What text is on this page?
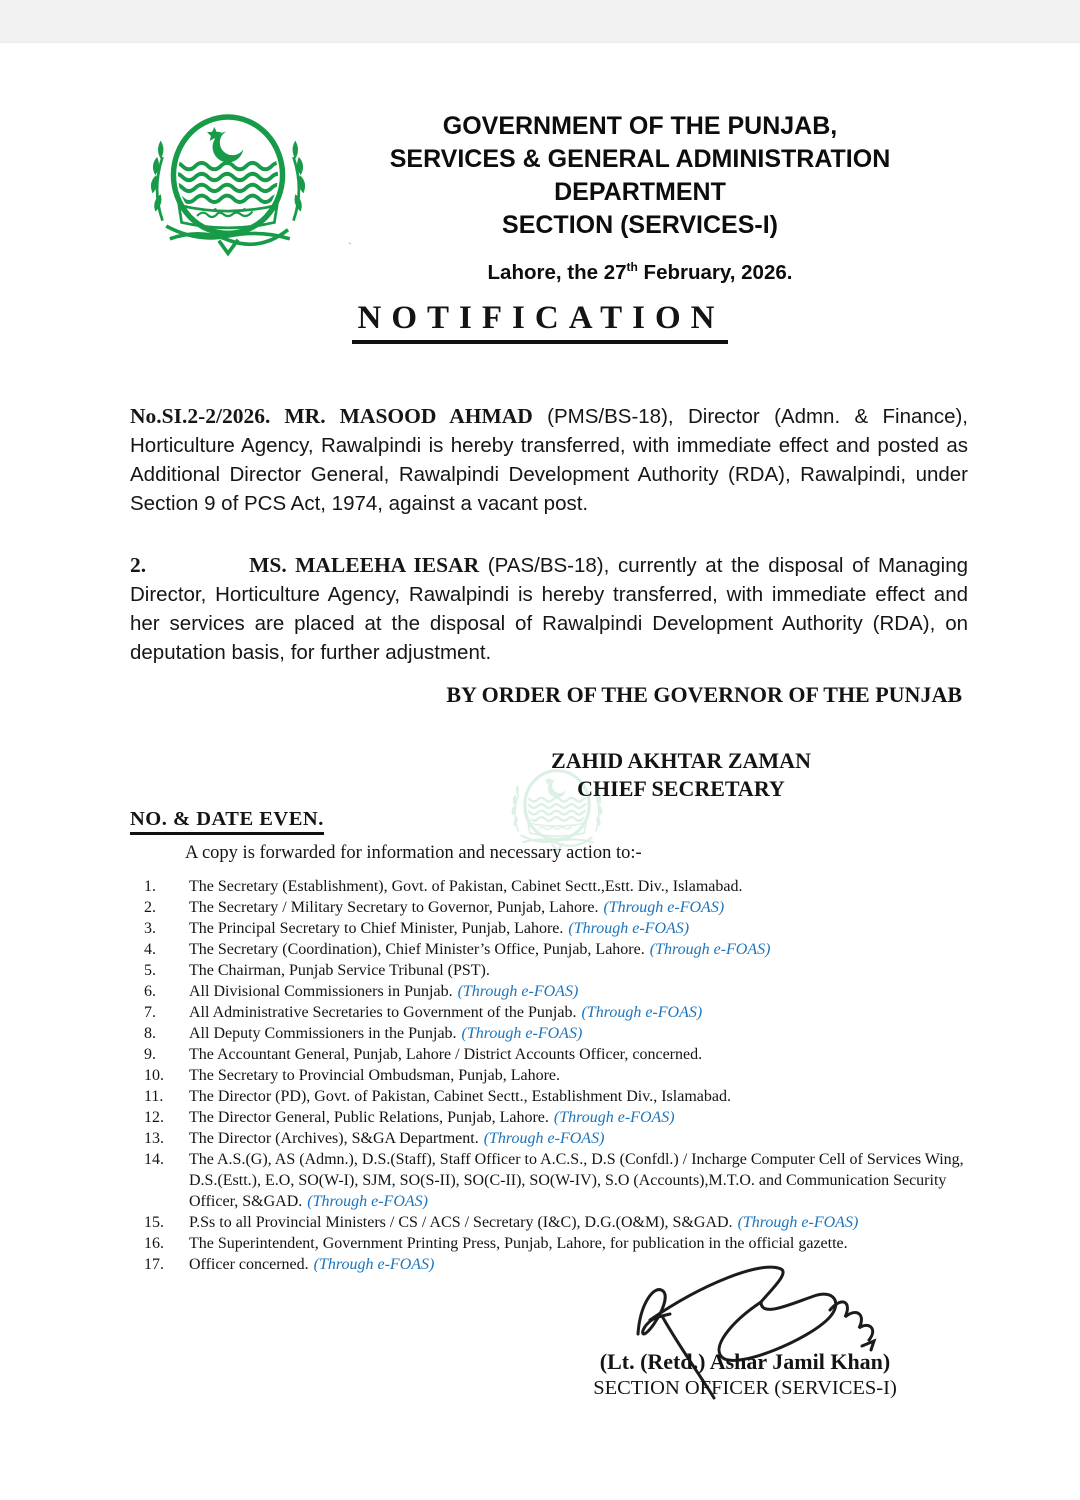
GOVERNMENT OF THE PUNJAB,
SERVICES & GENERAL ADMINISTRATION
DEPARTMENT
SECTION (SERVICES-I)
Lahore, the 27th February, 2026.
ˋ
NOTIFICATION

No.SI.2-2/2026. MR. MASOOD AHMAD (PMS/BS-18), Director (Admn. & Finance), Horticulture Agency, Rawalpindi is hereby transferred, with immediate effect and posted as Additional Director General, Rawalpindi Development Authority (RDA), Rawalpindi, under Section 9 of PCS Act, 1974, against a vacant post.

2.	MS. MALEEHA IESAR (PAS/BS-18), currently at the disposal of Managing Director, Horticulture Agency, Rawalpindi is hereby transferred, with immediate effect and her services are placed at the disposal of Rawalpindi Development Authority (RDA), on deputation basis, for further adjustment.

BY ORDER OF THE GOVERNOR OF THE PUNJAB
ZAHID AKHTAR ZAMAN
CHIEF SECRETARY
NO. & DATE EVEN.
A copy is forwarded for information and necessary action to:-
1.	The Secretary (Establishment), Govt. of Pakistan, Cabinet Sectt.,Estt. Div., Islamabad.
2.	The Secretary / Military Secretary to Governor, Punjab, Lahore. (Through e-FOAS)
3.	The Principal Secretary to Chief Minister, Punjab, Lahore. (Through e-FOAS)
4.	The Secretary (Coordination), Chief Minister’s Office, Punjab, Lahore. (Through e-FOAS)
5.	The Chairman, Punjab Service Tribunal (PST).
6.	All Divisional Commissioners in Punjab. (Through e-FOAS)
7.	All Administrative Secretaries to Government of the Punjab. (Through e-FOAS)
8.	All Deputy Commissioners in the Punjab. (Through e-FOAS)
9.	The Accountant General, Punjab, Lahore / District Accounts Officer, concerned.
10.	The Secretary to Provincial Ombudsman, Punjab, Lahore.
11.	The Director (PD), Govt. of Pakistan, Cabinet Sectt., Establishment Div., Islamabad.
12.	The Director General, Public Relations, Punjab, Lahore. (Through e-FOAS)
13.	The Director (Archives), S&GA Department. (Through e-FOAS)
14.	The A.S.(G), AS (Admn.), D.S.(Staff), Staff Officer to A.C.S., D.S (Confdl.) / Incharge Computer Cell of Services Wing, D.S.(Estt.), E.O, SO(W-I), SJM, SO(S-II), SO(C-II), SO(W-IV), S.O (Accounts),M.T.O. and Communication Security Officer, S&GAD. (Through e-FOAS)
15.	P.Ss to all Provincial Ministers / CS / ACS / Secretary (I&C), D.G.(O&M), S&GAD. (Through e-FOAS)
16.	The Superintendent, Government Printing Press, Punjab, Lahore, for publication in the official gazette.
17.	Officer concerned. (Through e-FOAS)
(Lt. (Retd.) Ashar Jamil Khan)
SECTION OFFICER (SERVICES-I)
